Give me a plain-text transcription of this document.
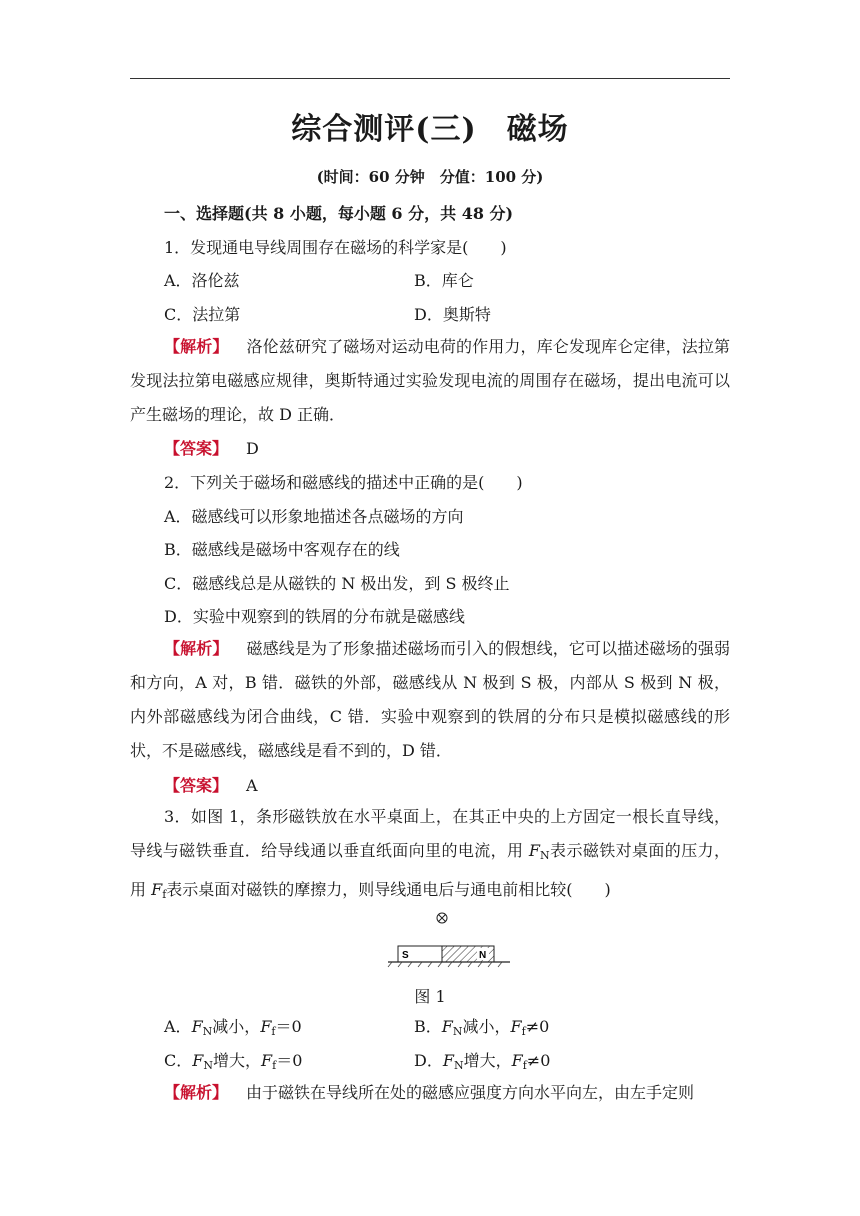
综合测评(三) 磁场
(时间：60 分钟　分值：100 分)
一、选择题(共 8 小题，每小题 6 分，共 48 分)
1．发现通电导线周围存在磁场的科学家是(　　)
A．洛伦兹	B．库仑
C．法拉第	D．奥斯特
【解析】 洛伦兹研究了磁场对运动电荷的作用力，库仑发现库仑定律，法拉第发现法拉第电磁感应规律，奥斯特通过实验发现电流的周围存在磁场，提出电流可以产生磁场的理论，故 D 正确．
【答案】 D
2．下列关于磁场和磁感线的描述中正确的是(　　)
A．磁感线可以形象地描述各点磁场的方向
B．磁感线是磁场中客观存在的线
C．磁感线总是从磁铁的 N 极出发，到 S 极终止
D．实验中观察到的铁屑的分布就是磁感线
【解析】 磁感线是为了形象描述磁场而引入的假想线，它可以描述磁场的强弱和方向，A 对，B 错．磁铁的外部，磁感线从 N 极到 S 极，内部从 S 极到 N 极，内外部磁感线为闭合曲线，C 错．实验中观察到的铁屑的分布只是模拟磁感线的形状，不是磁感线，磁感线是看不到的，D 错．
【答案】 A
3．如图 1，条形磁铁放在水平桌面上，在其正中央的上方固定一根长直导线，导线与磁铁垂直．给导线通以垂直纸面向里的电流，用 $F_N$表示磁铁对桌面的压力，用 $F_f$表示桌面对磁铁的摩擦力，则导线通电后与通电前相比较(　　)
S	N
图 1
A．$F_N$减小，$F_f=0$	B．$F_N$减小，$F_f\ne 0$
C．$F_N$增大，$F_f=0$	D．$F_N$增大，$F_f\ne 0$
【解析】 由于磁铁在导线所在处的磁感应强度方向水平向左，由左手定则
